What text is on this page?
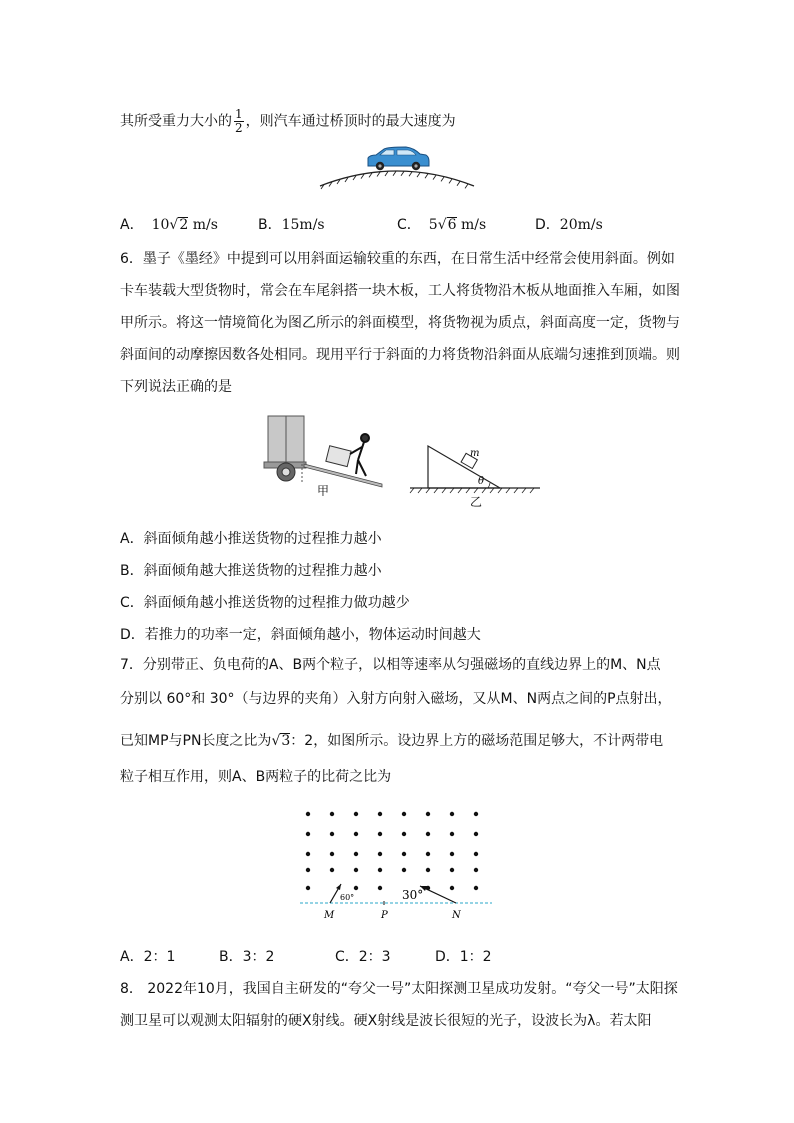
其所受重力大小的 $\frac{1}{2}$ ，则汽车通过桥顶时的最大速度为
A． 10√2 m/s	B．15m/s	C． 5√6 m/s	D．20m/s
6．墨子《墨经》中提到可以用斜面运输较重的东西，在日常生活中经常会使用斜面。例如
卡车装载大型货物时，常会在车尾斜搭一块木板，工人将货物沿木板从地面推入车厢，如图
甲所示。将这一情境简化为图乙所示的斜面模型，将货物视为质点，斜面高度一定，货物与
斜面间的动摩擦因数各处相同。现用平行于斜面的力将货物沿斜面从底端匀速推到顶端。则
下列说法正确的是
甲
m
θ
乙
A．斜面倾角越小推送货物的过程推力越小
B．斜面倾角越大推送货物的过程推力越小
C．斜面倾角越小推送货物的过程推力做功越少
D．若推力的功率一定，斜面倾角越小，物体运动时间越大
7．分别带正、负电荷的A、B两个粒子，以相等速率从匀强磁场的直线边界上的M、N点
分别以 60°和 30°（与边界的夹角）入射方向射入磁场，又从M、N两点之间的P点射出，
已知MP与PN长度之比为√3：2，如图所示。设边界上方的磁场范围足够大，不计两带电
粒子相互作用，则A、B两粒子的比荷之比为
60°	30°
M	P	N
A．2：1	B．3：2	C．2：3	D．1：2
8． 2022年10月，我国自主研发的“夸父一号”太阳探测卫星成功发射。“夸父一号”太阳探
测卫星可以观测太阳辐射的硬X射线。硬X射线是波长很短的光子，设波长为λ。若太阳
